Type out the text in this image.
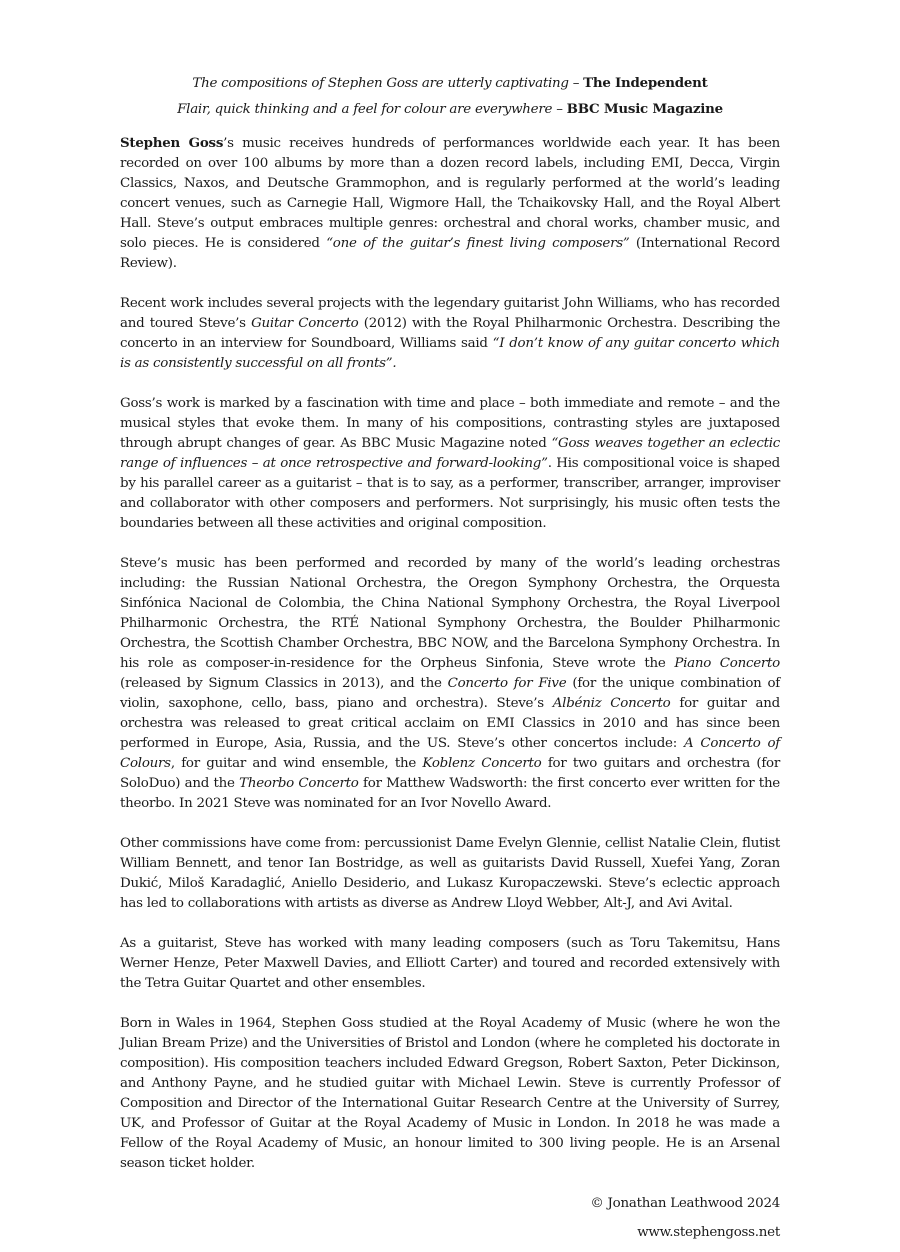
The compositions of Stephen Goss are utterly captivating – The Independent
Flair, quick thinking and a feel for colour are everywhere – BBC Music Magazine

Stephen Goss’s music receives hundreds of performances worldwide each year. It has been recorded on over 100 albums by more than a dozen record labels, including EMI, Decca, Virgin Classics, Naxos, and Deutsche Grammophon, and is regularly performed at the world’s leading concert venues, such as Carnegie Hall, Wigmore Hall, the Tchaikovsky Hall, and the Royal Albert Hall. Steve’s output embraces multiple genres: orchestral and choral works, chamber music, and solo pieces. He is considered “one of the guitar’s finest living composers” (International Record Review).

Recent work includes several projects with the legendary guitarist John Williams, who has recorded and toured Steve’s Guitar Concerto (2012) with the Royal Philharmonic Orchestra. Describing the concerto in an interview for Soundboard, Williams said “I don’t know of any guitar concerto which is as consistently successful on all fronts”.

Goss’s work is marked by a fascination with time and place – both immediate and remote – and the musical styles that evoke them. In many of his compositions, contrasting styles are juxtaposed through abrupt changes of gear. As BBC Music Magazine noted “Goss weaves together an eclectic range of influences – at once retrospective and forward-looking”. His compositional voice is shaped by his parallel career as a guitarist – that is to say, as a performer, transcriber, arranger, improviser and collaborator with other composers and performers. Not surprisingly, his music often tests the boundaries between all these activities and original composition.

Steve’s music has been performed and recorded by many of the world’s leading orchestras including: the Russian National Orchestra, the Oregon Symphony Orchestra, the Orquesta Sinfónica Nacional de Colombia, the China National Symphony Orchestra, the Royal Liverpool Philharmonic Orchestra, the RTÉ National Symphony Orchestra, the Boulder Philharmonic Orchestra, the Scottish Chamber Orchestra, BBC NOW, and the Barcelona Symphony Orchestra. In his role as composer-in-residence for the Orpheus Sinfonia, Steve wrote the Piano Concerto (released by Signum Classics in 2013), and the Concerto for Five (for the unique combination of violin, saxophone, cello, bass, piano and orchestra). Steve’s Albéniz Concerto for guitar and orchestra was released to great critical acclaim on EMI Classics in 2010 and has since been performed in Europe, Asia, Russia, and the US. Steve’s other concertos include: A Concerto of Colours, for guitar and wind ensemble, the Koblenz Concerto for two guitars and orchestra (for SoloDuo) and the Theorbo Concerto for Matthew Wadsworth: the first concerto ever written for the theorbo. In 2021 Steve was nominated for an Ivor Novello Award.

Other commissions have come from: percussionist Dame Evelyn Glennie, cellist Natalie Clein, flutist William Bennett, and tenor Ian Bostridge, as well as guitarists David Russell, Xuefei Yang, Zoran Dukić, Miloš Karadaglić, Aniello Desiderio, and Lukasz Kuropaczewski. Steve’s eclectic approach has led to collaborations with artists as diverse as Andrew Lloyd Webber, Alt-J, and Avi Avital.

As a guitarist, Steve has worked with many leading composers (such as Toru Takemitsu, Hans Werner Henze, Peter Maxwell Davies, and Elliott Carter) and toured and recorded extensively with the Tetra Guitar Quartet and other ensembles.

Born in Wales in 1964, Stephen Goss studied at the Royal Academy of Music (where he won the Julian Bream Prize) and the Universities of Bristol and London (where he completed his doctorate in composition). His composition teachers included Edward Gregson, Robert Saxton, Peter Dickinson, and Anthony Payne, and he studied guitar with Michael Lewin. Steve is currently Professor of Composition and Director of the International Guitar Research Centre at the University of Surrey, UK, and Professor of Guitar at the Royal Academy of Music in London. In 2018 he was made a Fellow of the Royal Academy of Music, an honour limited to 300 living people. He is an Arsenal season ticket holder.

© Jonathan Leathwood 2024
www.stephengoss.net
